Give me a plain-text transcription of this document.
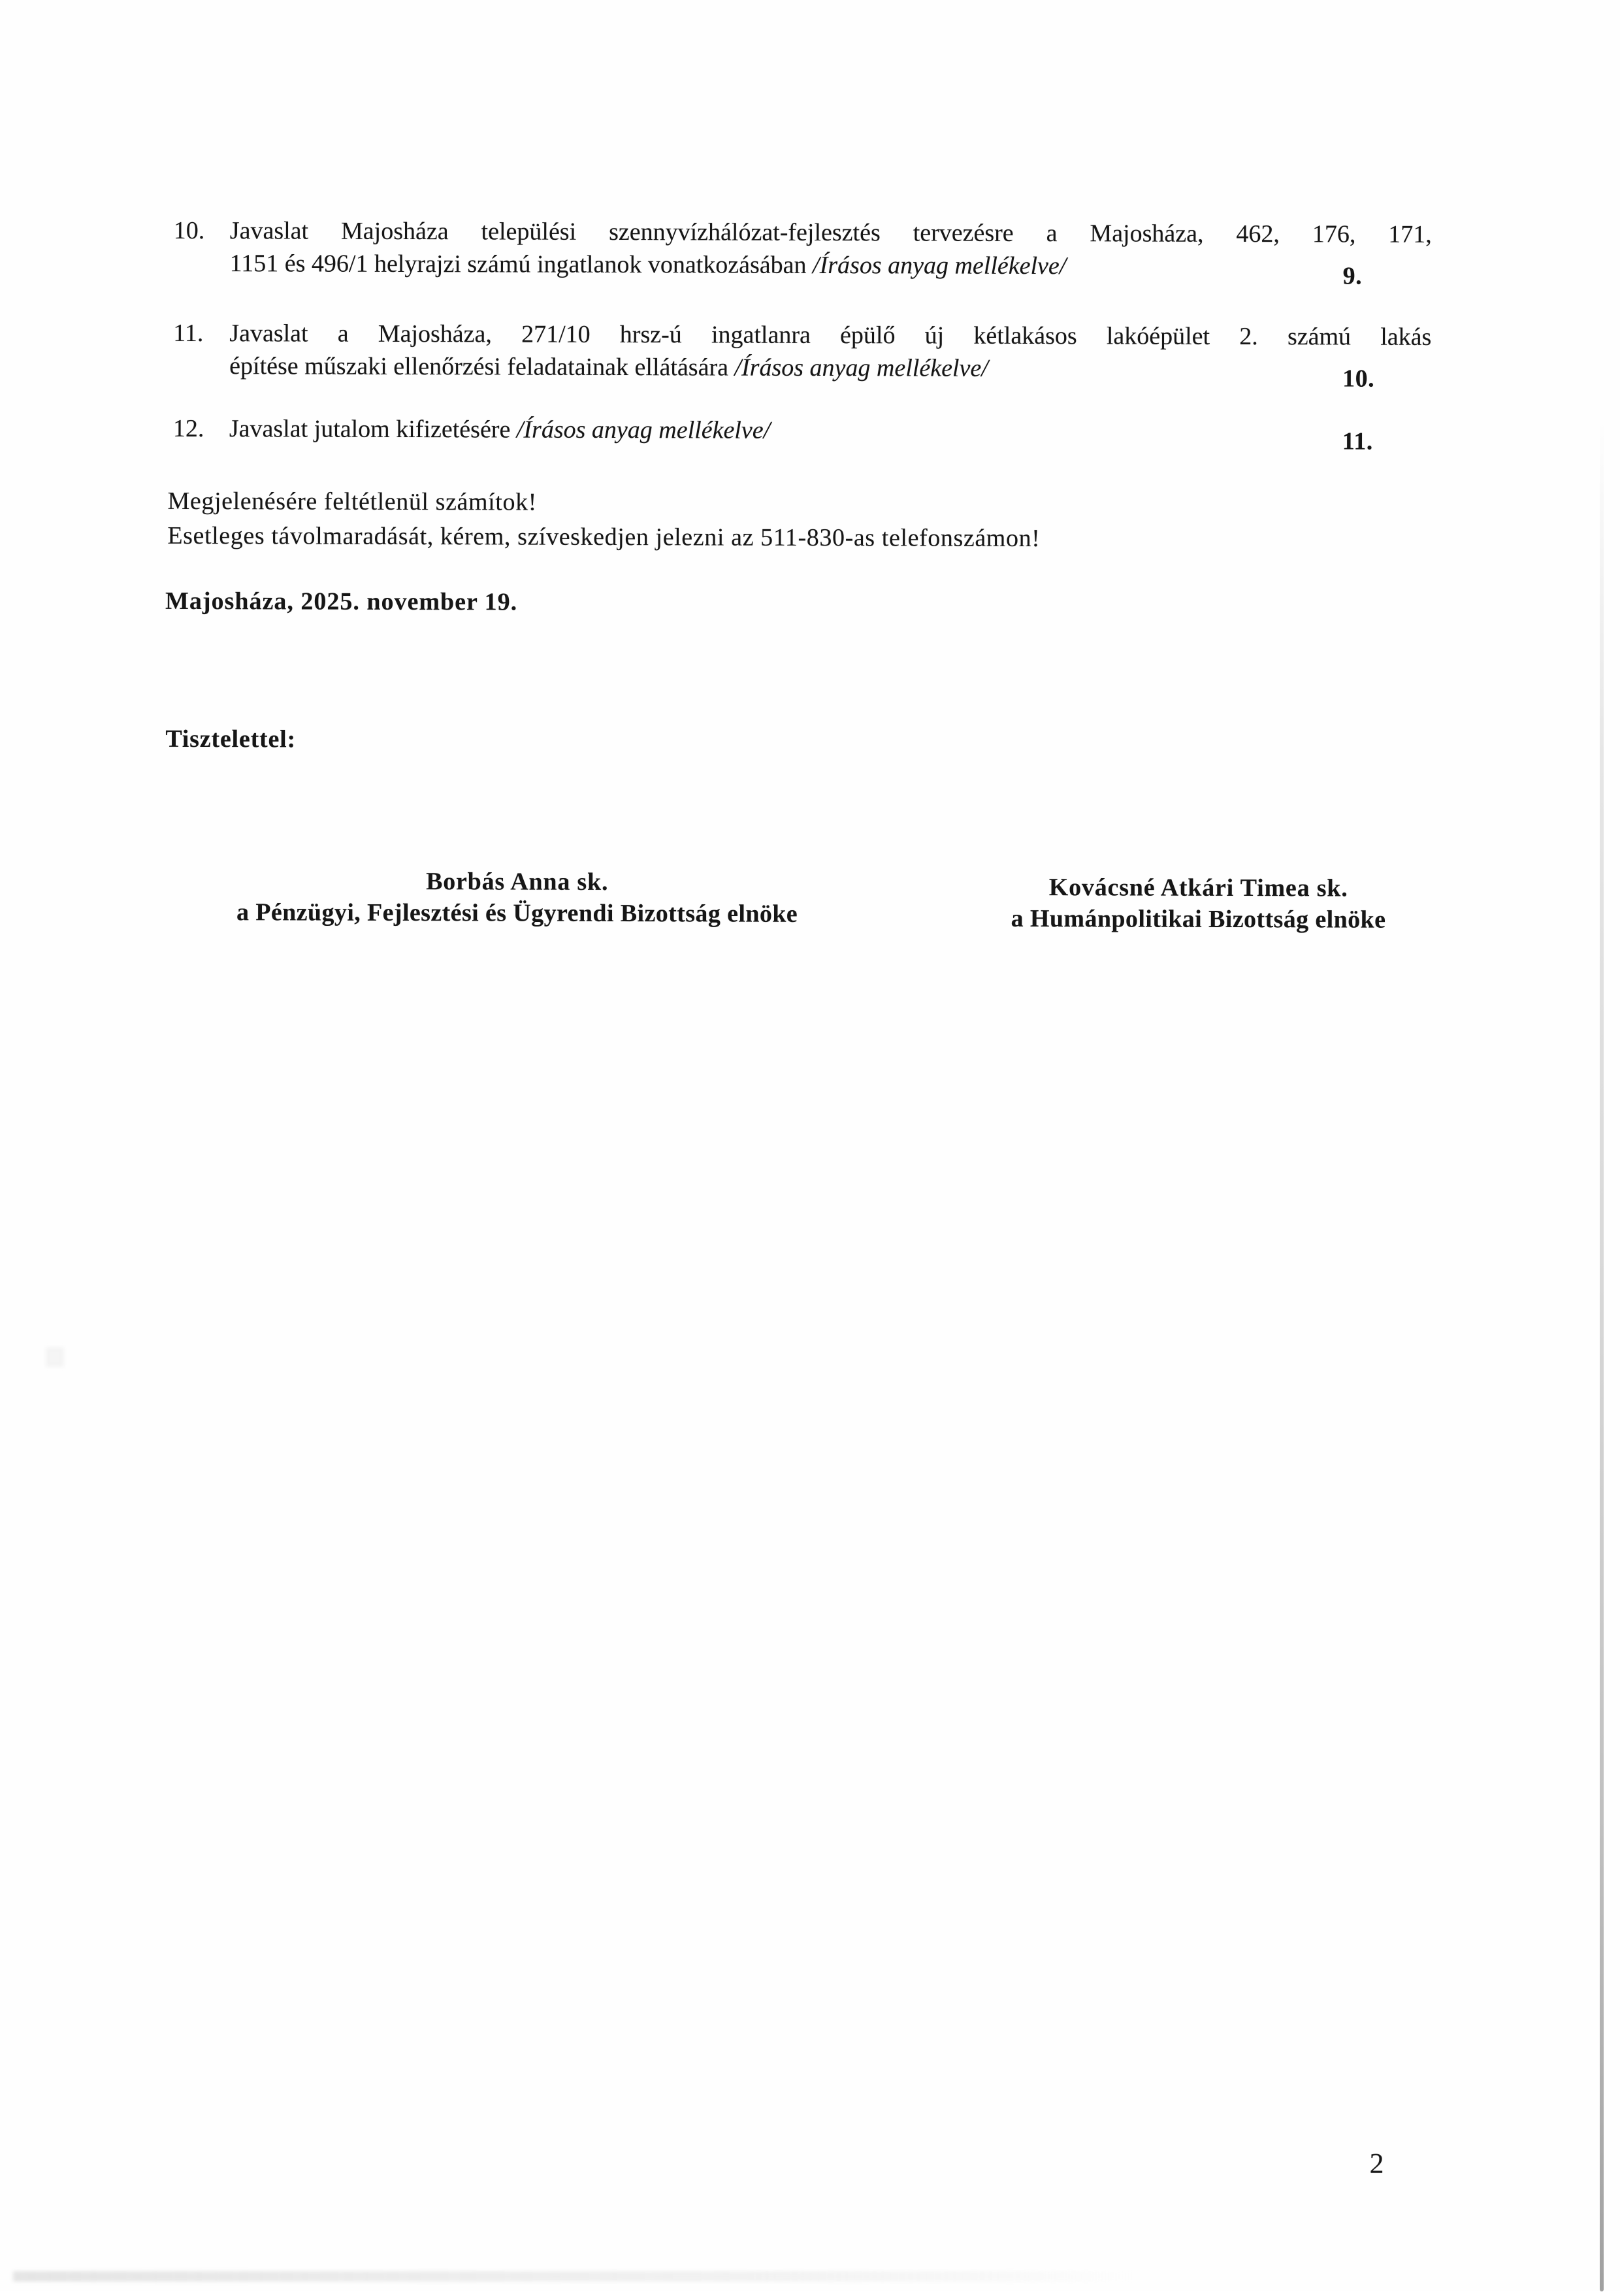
10.	Javaslat Majosháza települési szennyvízhálózat-fejlesztés tervezésre a Majosháza, 462, 176, 171,
1151 és 496/1 helyrajzi számú ingatlanok vonatkozásában /Írásos anyag mellékelve/	9.
11.	Javaslat a Majosháza, 271/10 hrsz-ú ingatlanra épülő új kétlakásos lakóépület 2. számú lakás
építése műszaki ellenőrzési feladatainak ellátására /Írásos anyag mellékelve/	10.
12.	Javaslat jutalom kifizetésére /Írásos anyag mellékelve/	11.
Megjelenésére feltétlenül számítok!
Esetleges távolmaradását, kérem, szíveskedjen jelezni az 511-830-as telefonszámon!
Majosháza, 2025. november 19.
Tisztelettel:
Borbás Anna sk.
a Pénzügyi, Fejlesztési és Ügyrendi Bizottság elnöke
Kovácsné Atkári Timea sk.
a Humánpolitikai Bizottság elnöke
2
